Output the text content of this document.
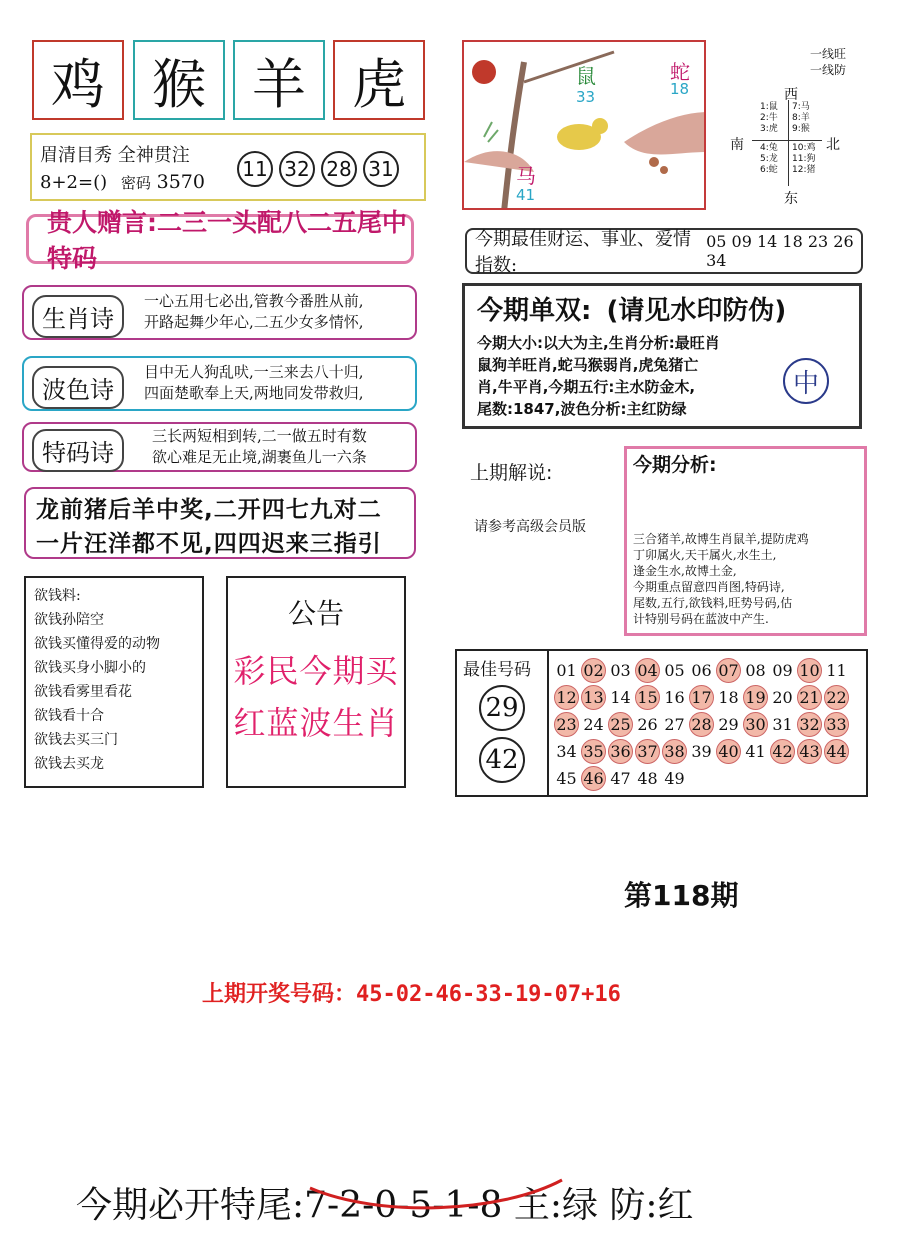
鸡 猴 羊 虎
眉清目秀 全神贯注
8+2=() 密码 3570
11 32 28 31
贵人赠言:二三一头配八二五尾中特码
生肖诗
一心五用七必出,管教今番胜从前,
开路起舞少年心,二五少女多情怀,
波色诗
目中无人狗乱吠,一三来去八十归,
四面楚歌奉上天,两地同发带救归,
特码诗
三长两短相到转,二一做五时有数
欲心难足无止境,湖裹鱼儿一六条
龙前猪后羊中奖,二开四七九对二
一片汪洋都不见,四四迟来三指引
欲钱料:
欲钱孙陪空
欲钱买懂得爱的动物
欲钱买身小脚小的
欲钱看雾里看花
欲钱看十合
欲钱去买三门
欲钱去买龙
公告
彩民今期买
红蓝波生肖
鼠
33
蛇
18
马
41
一线旺
一线防
西
东
南	北
1:鼠
2:牛
3:虎
4:兔
5:龙
6:蛇
7:马
8:羊
9:猴
10:鸡
11:狗
12:猪
今期最佳财运、事业、爱情指数:
05 09 14 18 23 26 34
今期单双: (请见水印防伪)
今期大小:以大为主,生肖分析:最旺肖
鼠狗羊旺肖,蛇马猴弱肖,虎兔猪亡
肖,牛平肖,今期五行:主水防金木,
尾数:1847,波色分析:主红防绿
中
上期解说:
请参考高级会员版
今期分析:
三合猪羊,故博生肖鼠羊,提防虎鸡
丁卯属火,天干属火,水生土,
逢金生水,故博土金,
今期重点留意四肖图,特码诗,
尾数,五行,欲钱料,旺势号码,估
计特别号码在蓝波中产生.
最佳号码
29
42
01 02 03 04 05 06 07 08 09 10 1112 13 14 15 16 17 18 19 20 21 2223 24 25 26 27 28 29 30 31 32 3334 35 36 37 38 39 40 41 42 43 4445 46 47 48 49
第118期
上期开奖号码：45-02-46-33-19-07+16
今期必开特尾:7-2-0-5-1-8 主:绿 防:红
